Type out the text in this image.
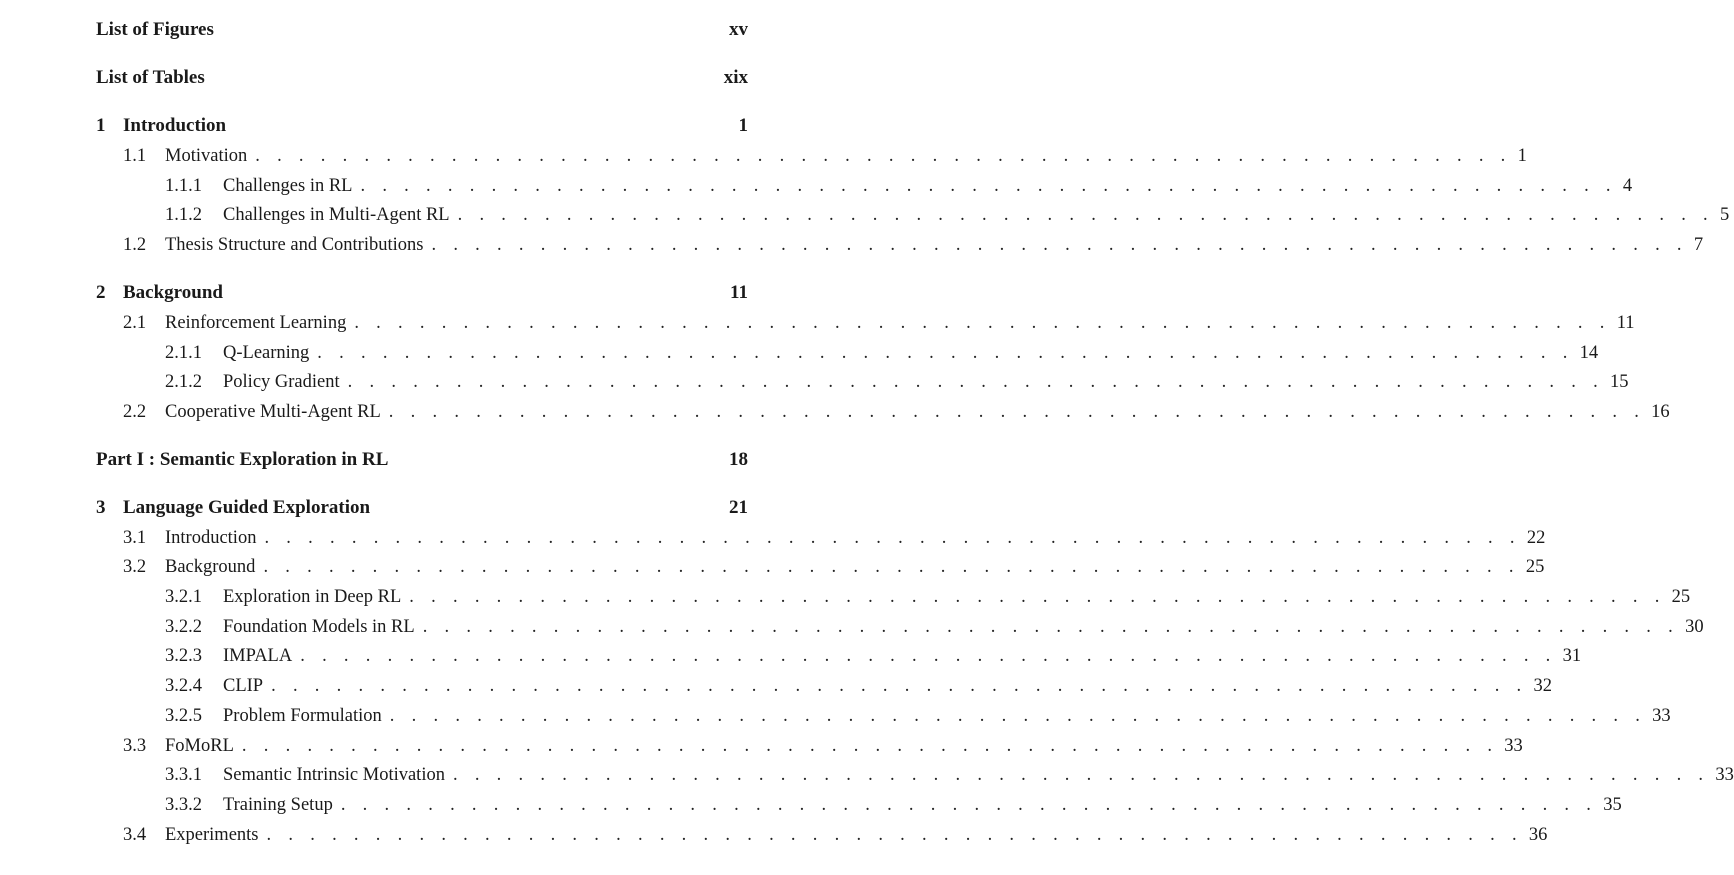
List of Figures	xv
List of Tables	xix
1 Introduction	1
1.1	Motivation . . . . . . . . . . . . . . . . . . . . . . . . . . . . . . . . . . . . . . . . . . . . . . . . . . . . . . . . . . 1
1.1.1	Challenges in RL . . . . . . . . . . . . . . . . . . . . . . . . . . . . . . . . . . . . . . . . . . . . . . . . . . . . . . . . . . 4
1.1.2	Challenges in Multi-Agent RL . . . . . . . . . . . . . . . . . . . . . . . . . . . . . . . . . . . . . . . . . . . . . . . . . . . . . . . . . . 5
1.2	Thesis Structure and Contributions . . . . . . . . . . . . . . . . . . . . . . . . . . . . . . . . . . . . . . . . . . . . . . . . . . . . . . . . . . 7
2 Background	11
2.1	Reinforcement Learning . . . . . . . . . . . . . . . . . . . . . . . . . . . . . . . . . . . . . . . . . . . . . . . . . . . . . . . . . . 11
2.1.1	Q-Learning . . . . . . . . . . . . . . . . . . . . . . . . . . . . . . . . . . . . . . . . . . . . . . . . . . . . . . . . . . 14
2.1.2	Policy Gradient . . . . . . . . . . . . . . . . . . . . . . . . . . . . . . . . . . . . . . . . . . . . . . . . . . . . . . . . . . 15
2.2	Cooperative Multi-Agent RL . . . . . . . . . . . . . . . . . . . . . . . . . . . . . . . . . . . . . . . . . . . . . . . . . . . . . . . . . . 16
Part I : Semantic Exploration in RL	18
3 Language Guided Exploration	21
3.1	Introduction . . . . . . . . . . . . . . . . . . . . . . . . . . . . . . . . . . . . . . . . . . . . . . . . . . . . . . . . . . 22
3.2	Background . . . . . . . . . . . . . . . . . . . . . . . . . . . . . . . . . . . . . . . . . . . . . . . . . . . . . . . . . . 25
3.2.1	Exploration in Deep RL . . . . . . . . . . . . . . . . . . . . . . . . . . . . . . . . . . . . . . . . . . . . . . . . . . . . . . . . . . 25
3.2.2	Foundation Models in RL . . . . . . . . . . . . . . . . . . . . . . . . . . . . . . . . . . . . . . . . . . . . . . . . . . . . . . . . . . 30
3.2.3	IMPALA . . . . . . . . . . . . . . . . . . . . . . . . . . . . . . . . . . . . . . . . . . . . . . . . . . . . . . . . . . 31
3.2.4	CLIP . . . . . . . . . . . . . . . . . . . . . . . . . . . . . . . . . . . . . . . . . . . . . . . . . . . . . . . . . . 32
3.2.5	Problem Formulation . . . . . . . . . . . . . . . . . . . . . . . . . . . . . . . . . . . . . . . . . . . . . . . . . . . . . . . . . . 33
3.3	FoMoRL . . . . . . . . . . . . . . . . . . . . . . . . . . . . . . . . . . . . . . . . . . . . . . . . . . . . . . . . . . 33
3.3.1	Semantic Intrinsic Motivation . . . . . . . . . . . . . . . . . . . . . . . . . . . . . . . . . . . . . . . . . . . . . . . . . . . . . . . . . . 33
3.3.2	Training Setup . . . . . . . . . . . . . . . . . . . . . . . . . . . . . . . . . . . . . . . . . . . . . . . . . . . . . . . . . . 35
3.4	Experiments . . . . . . . . . . . . . . . . . . . . . . . . . . . . . . . . . . . . . . . . . . . . . . . . . . . . . . . . . . 36
